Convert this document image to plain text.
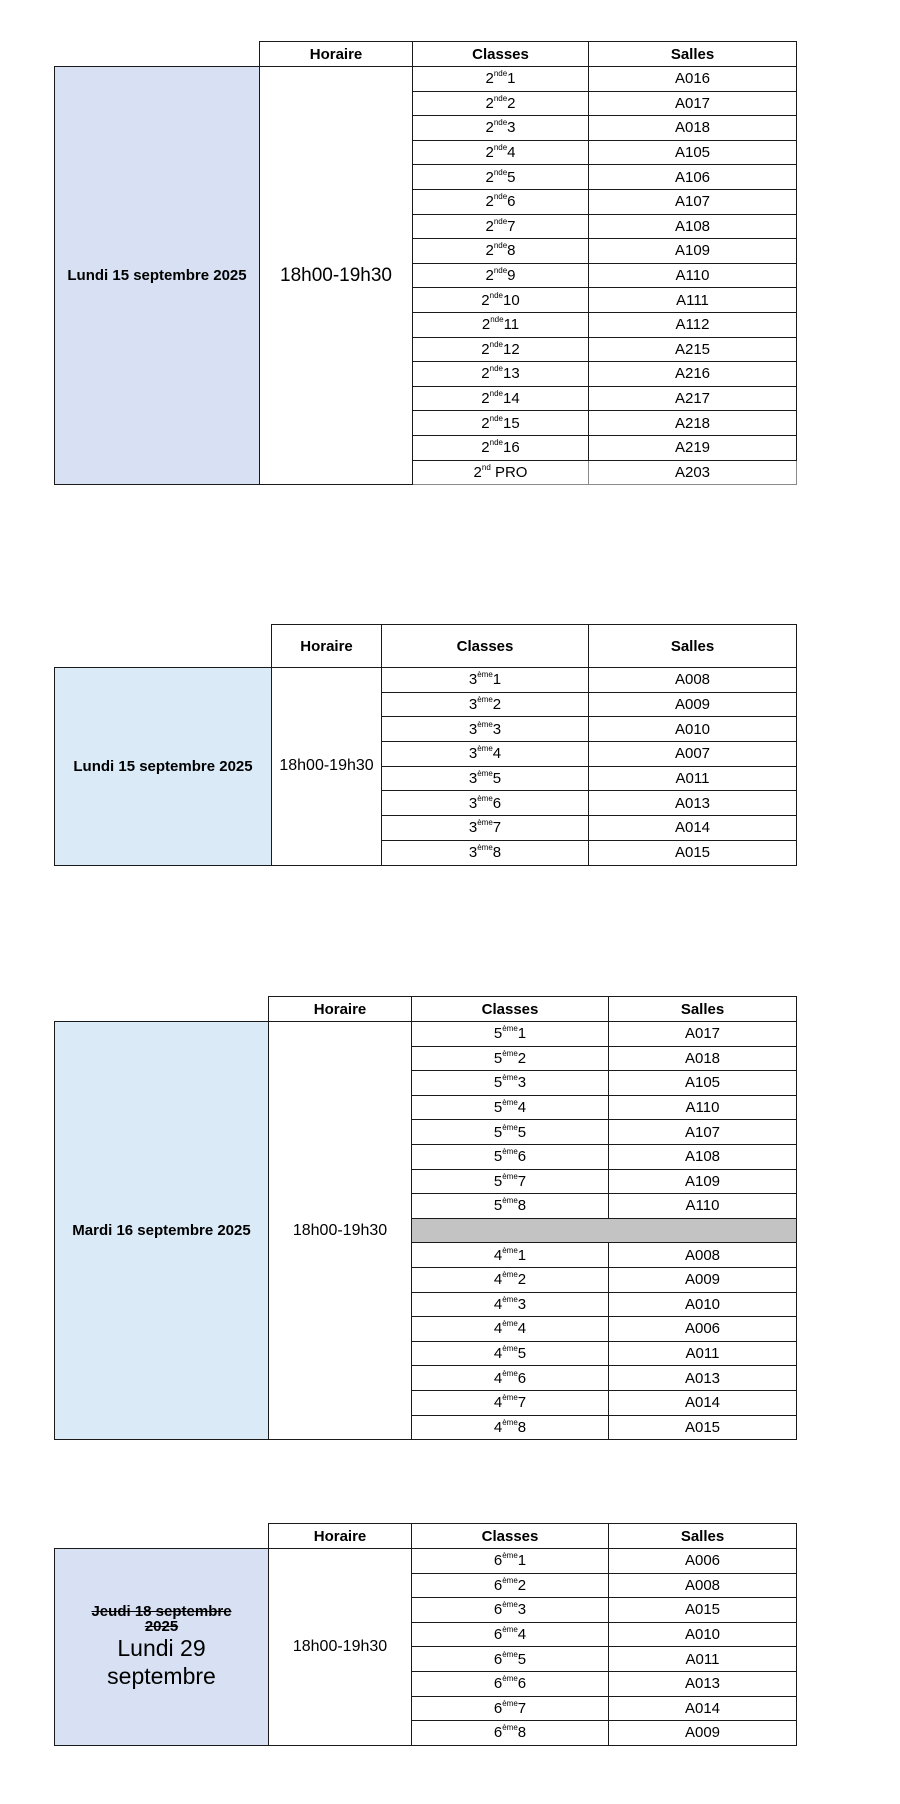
	Horaire	Classes	Salles
Lundi 15 septembre 2025	18h00-19h30	2nde1	A016
		2nde2	A017
		2nde3	A018
		2nde4	A105
		2nde5	A106
		2nde6	A107
		2nde7	A108
		2nde8	A109
		2nde9	A110
		2nde10	A111
		2nde11	A112
		2nde12	A215
		2nde13	A216
		2nde14	A217
		2nde15	A218
		2nde16	A219
		2nd PRO	A203
	Horaire	Classes	Salles
Lundi 15 septembre 2025	18h00-19h30	3ème1	A008
		3ème2	A009
		3ème3	A010
		3ème4	A007
		3ème5	A011
		3ème6	A013
		3ème7	A014
		3ème8	A015
	Horaire	Classes	Salles
Mardi 16 septembre 2025	18h00-19h30	5ème1	A017
		5ème2	A018
		5ème3	A105
		5ème4	A110
		5ème5	A107
		5ème6	A108
		5ème7	A109
		5ème8	A110

		4ème1	A008
		4ème2	A009
		4ème3	A010
		4ème4	A006
		4ème5	A011
		4ème6	A013
		4ème7	A014
		4ème8	A015
	Horaire	Classes	Salles

Jeudi 18 septembre 2025
Lundi 29 septembre	18h00-19h30	6ème1	A006
		6ème2	A008
		6ème3	A015
		6ème4	A010
		6ème5	A011
		6ème6	A013
		6ème7	A014
		6ème8	A009
